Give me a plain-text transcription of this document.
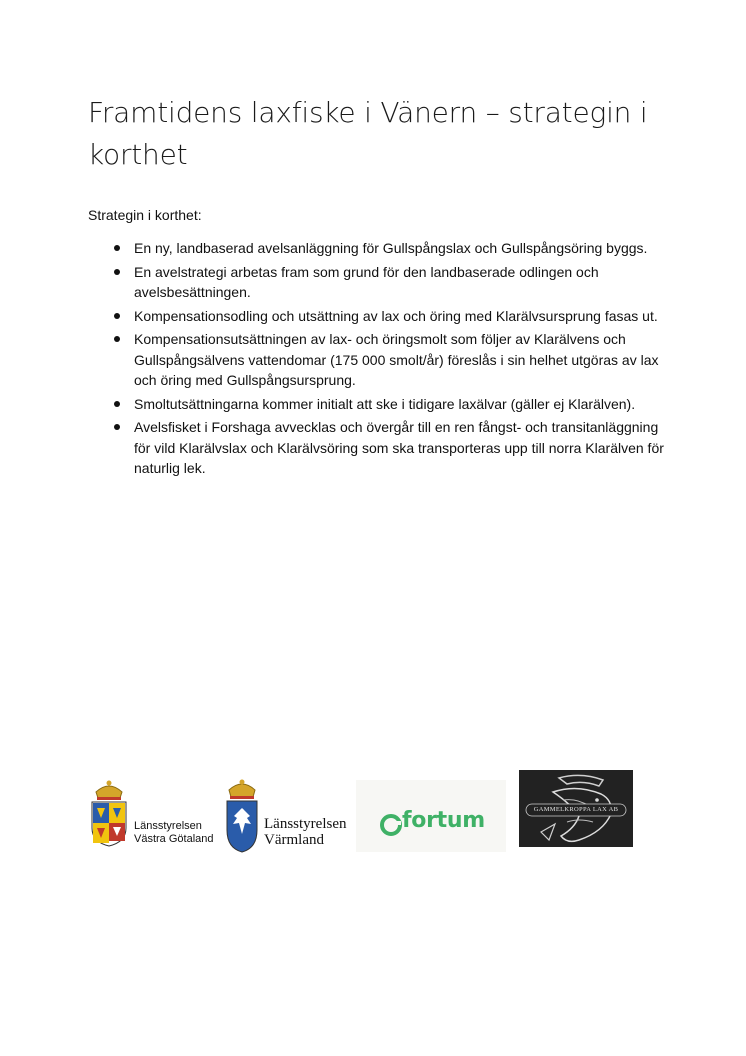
Framtidens laxfiske i Vänern – strategin i korthet

Strategin i korthet:

En ny, landbaserad avelsanläggning för Gullspångslax och Gullspångsöring byggs.
En avelstrategi arbetas fram som grund för den landbaserade odlingen och avelsbesättningen.
Kompensationsodling och utsättning av lax och öring med Klarälvsursprung fasas ut.
Kompensationsutsättningen av lax- och öringsmolt som följer av Klarälvens och Gullspångsälvens vattendomar (175 000 smolt/år) föreslås i sin helhet utgöras av lax och öring med Gullspångsursprung.
Smoltutsättningarna kommer initialt att ske i tidigare laxälvar (gäller ej Klarälven).
Avelsfisket i Forshaga avvecklas och övergår till en ren fångst- och transitanläggning för vild Klarälvslax och Klarälvsöring som ska transporteras upp till norra Klarälven för naturlig lek.
Länsstyrelsen
Västra Götaland
Länsstyrelsen
Värmland
fortum	GAMMELKROPPA LAX AB
